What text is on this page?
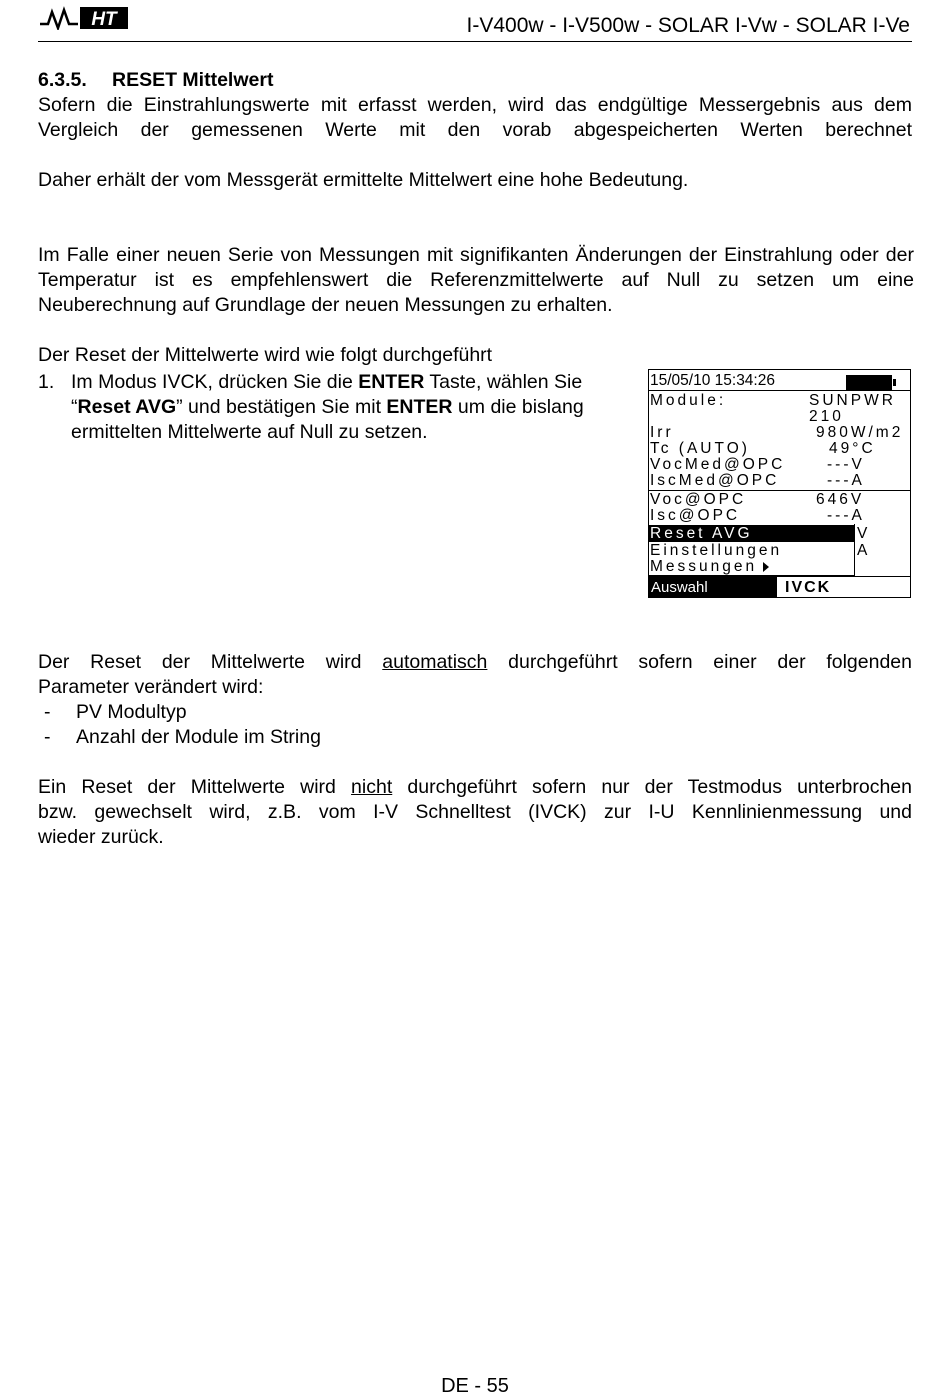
HT	I-V400w - I-V500w - SOLAR I-Vw - SOLAR I-Ve
6.3.5. RESET Mittelwert
Sofern die Einstrahlungswerte mit erfasst werden, wird das endgültige Messergebnis aus dem Vergleich der gemessenen Werte mit den vorab abgespeicherten Werten berechnet
Daher erhält der vom Messgerät ermittelte Mittelwert eine hohe Bedeutung.
Im Falle einer neuen Serie von Messungen mit signifikanten Änderungen der Einstrahlung oder der Temperatur ist es empfehlenswert die Referenzmittelwerte auf Null zu setzen um eine Neuberechnung auf Grundlage der neuen Messungen zu erhalten.
Der Reset der Mittelwerte wird wie folgt durchgeführt
1. Im Modus IVCK, drücken Sie die ENTER Taste, wählen Sie
“Reset AVG” und bestätigen Sie mit ENTER um die bislang
ermittelten Mittelwerte auf Null zu setzen.
15/05/10 15:34:26
Module:	SUNPWR
210
Irr	980W/m2
Tc (AUTO)	49°C
VocMed@OPC	---V
IscMed@OPC	---A
Voc@OPC	646V
Isc@OPC	---A
Reset AVG
Einstellungen
Messungen
V
A
Auswahl	IVCK
Der Reset der Mittelwerte wird automatisch durchgeführt sofern einer der folgenden
Parameter verändert wird:
- PV Modultyp
- Anzahl der Module im String
Ein Reset der Mittelwerte wird nicht durchgeführt sofern nur der Testmodus unterbrochen
bzw. gewechselt wird, z.B. vom I-V Schnelltest (IVCK) zur I-U Kennlinienmessung und
wieder zurück.
DE - 55
